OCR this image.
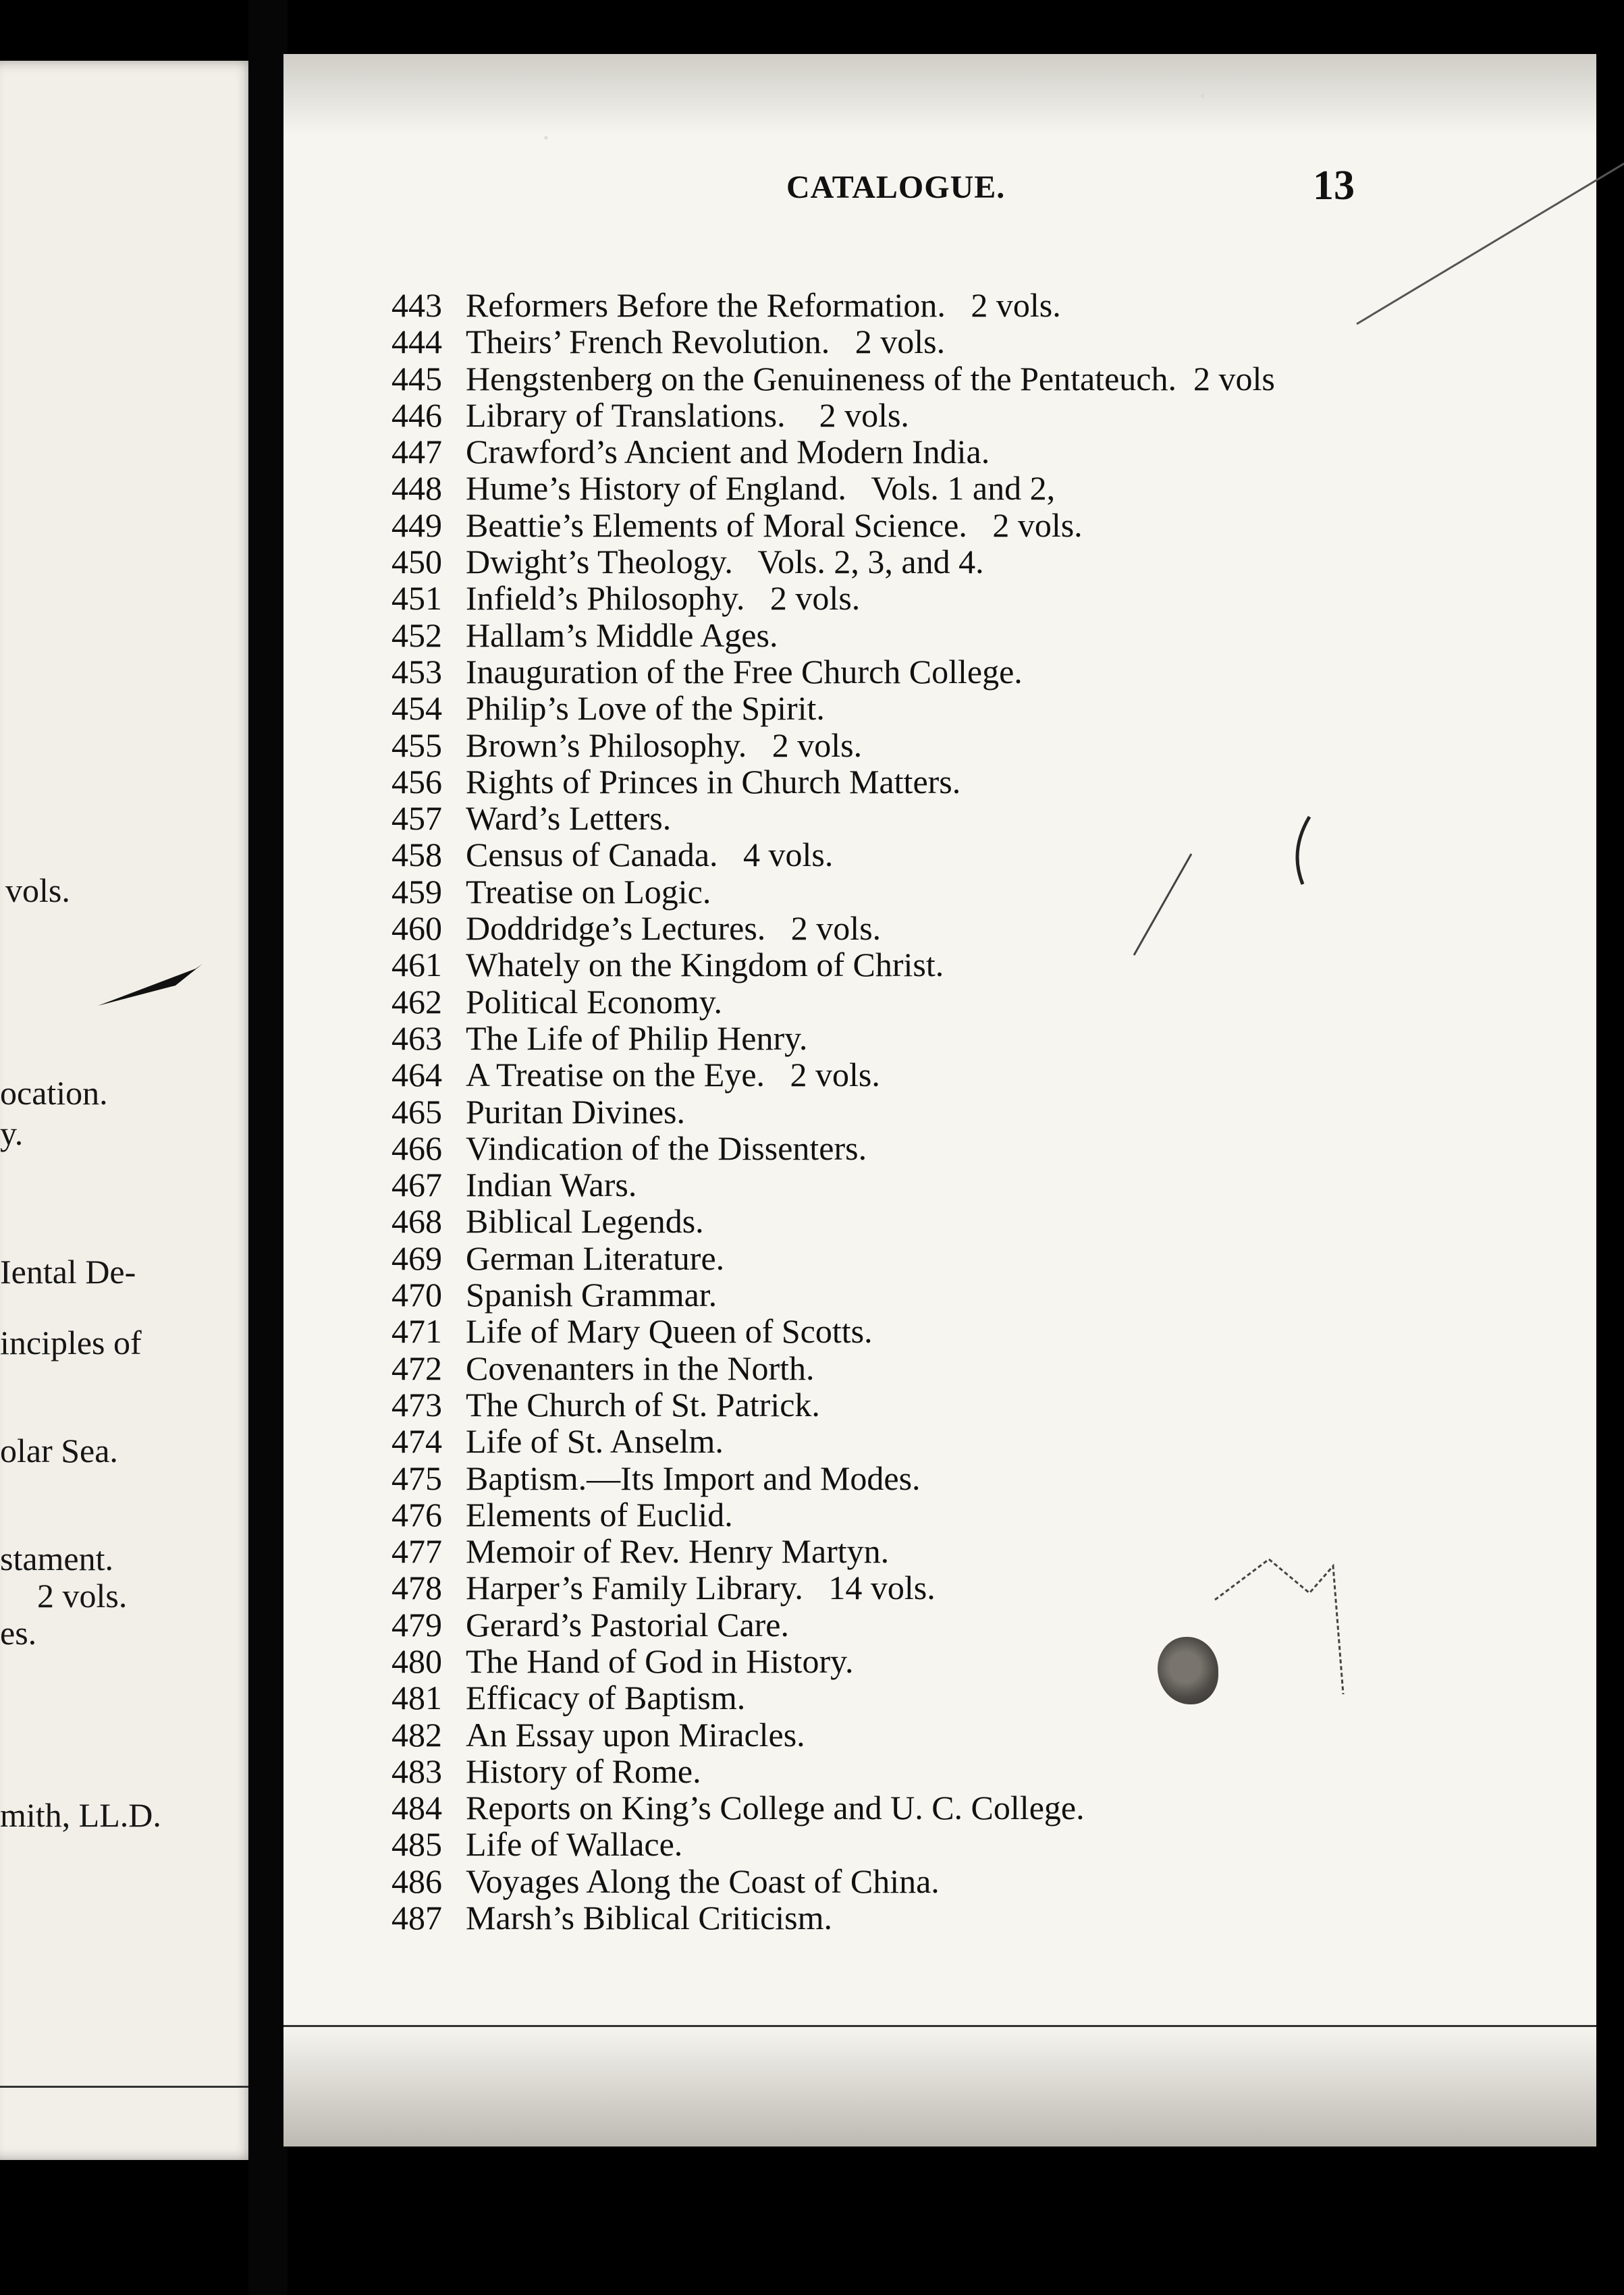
vols.
ocation.
y.
Iental De-
inciples of
olar Sea.
stament.
2 vols.
es.
mith, LL.D.
CATALOGUE.	13
443 Reformers Before the Reformation.   2 vols.
444 Theirs’ French Revolution.   2 vols.
445 Hengstenberg on the Genuineness of the Pentateuch.  2 vols
446 Library of Translations.    2 vols.
447 Crawford’s Ancient and Modern India.
448 Hume’s History of England.   Vols. 1 and 2,
449 Beattie’s Elements of Moral Science.   2 vols.
450 Dwight’s Theology.   Vols. 2, 3, and 4.
451 Infield’s Philosophy.   2 vols.
452 Hallam’s Middle Ages.
453 Inauguration of the Free Church College.
454 Philip’s Love of the Spirit.
455 Brown’s Philosophy.   2 vols.
456 Rights of Princes in Church Matters.
457 Ward’s Letters.
458 Census of Canada.   4 vols.
459 Treatise on Logic.
460 Doddridge’s Lectures.   2 vols.
461 Whately on the Kingdom of Christ.
462 Political Economy.
463 The Life of Philip Henry.
464 A Treatise on the Eye.   2 vols.
465 Puritan Divines.
466 Vindication of the Dissenters.
467 Indian Wars.
468 Biblical Legends.
469 German Literature.
470 Spanish Grammar.
471 Life of Mary Queen of Scotts.
472 Covenanters in the North.
473 The Church of St. Patrick.
474 Life of St. Anselm.
475 Baptism.—Its Import and Modes.
476 Elements of Euclid.
477 Memoir of Rev. Henry Martyn.
478 Harper’s Family Library.   14 vols.
479 Gerard’s Pastorial Care.
480 The Hand of God in History.
481 Efficacy of Baptism.
482 An Essay upon Miracles.
483 History of Rome.
484 Reports on King’s College and U. C. College.
485 Life of Wallace.
486 Voyages Along the Coast of China.
487 Marsh’s Biblical Criticism.
